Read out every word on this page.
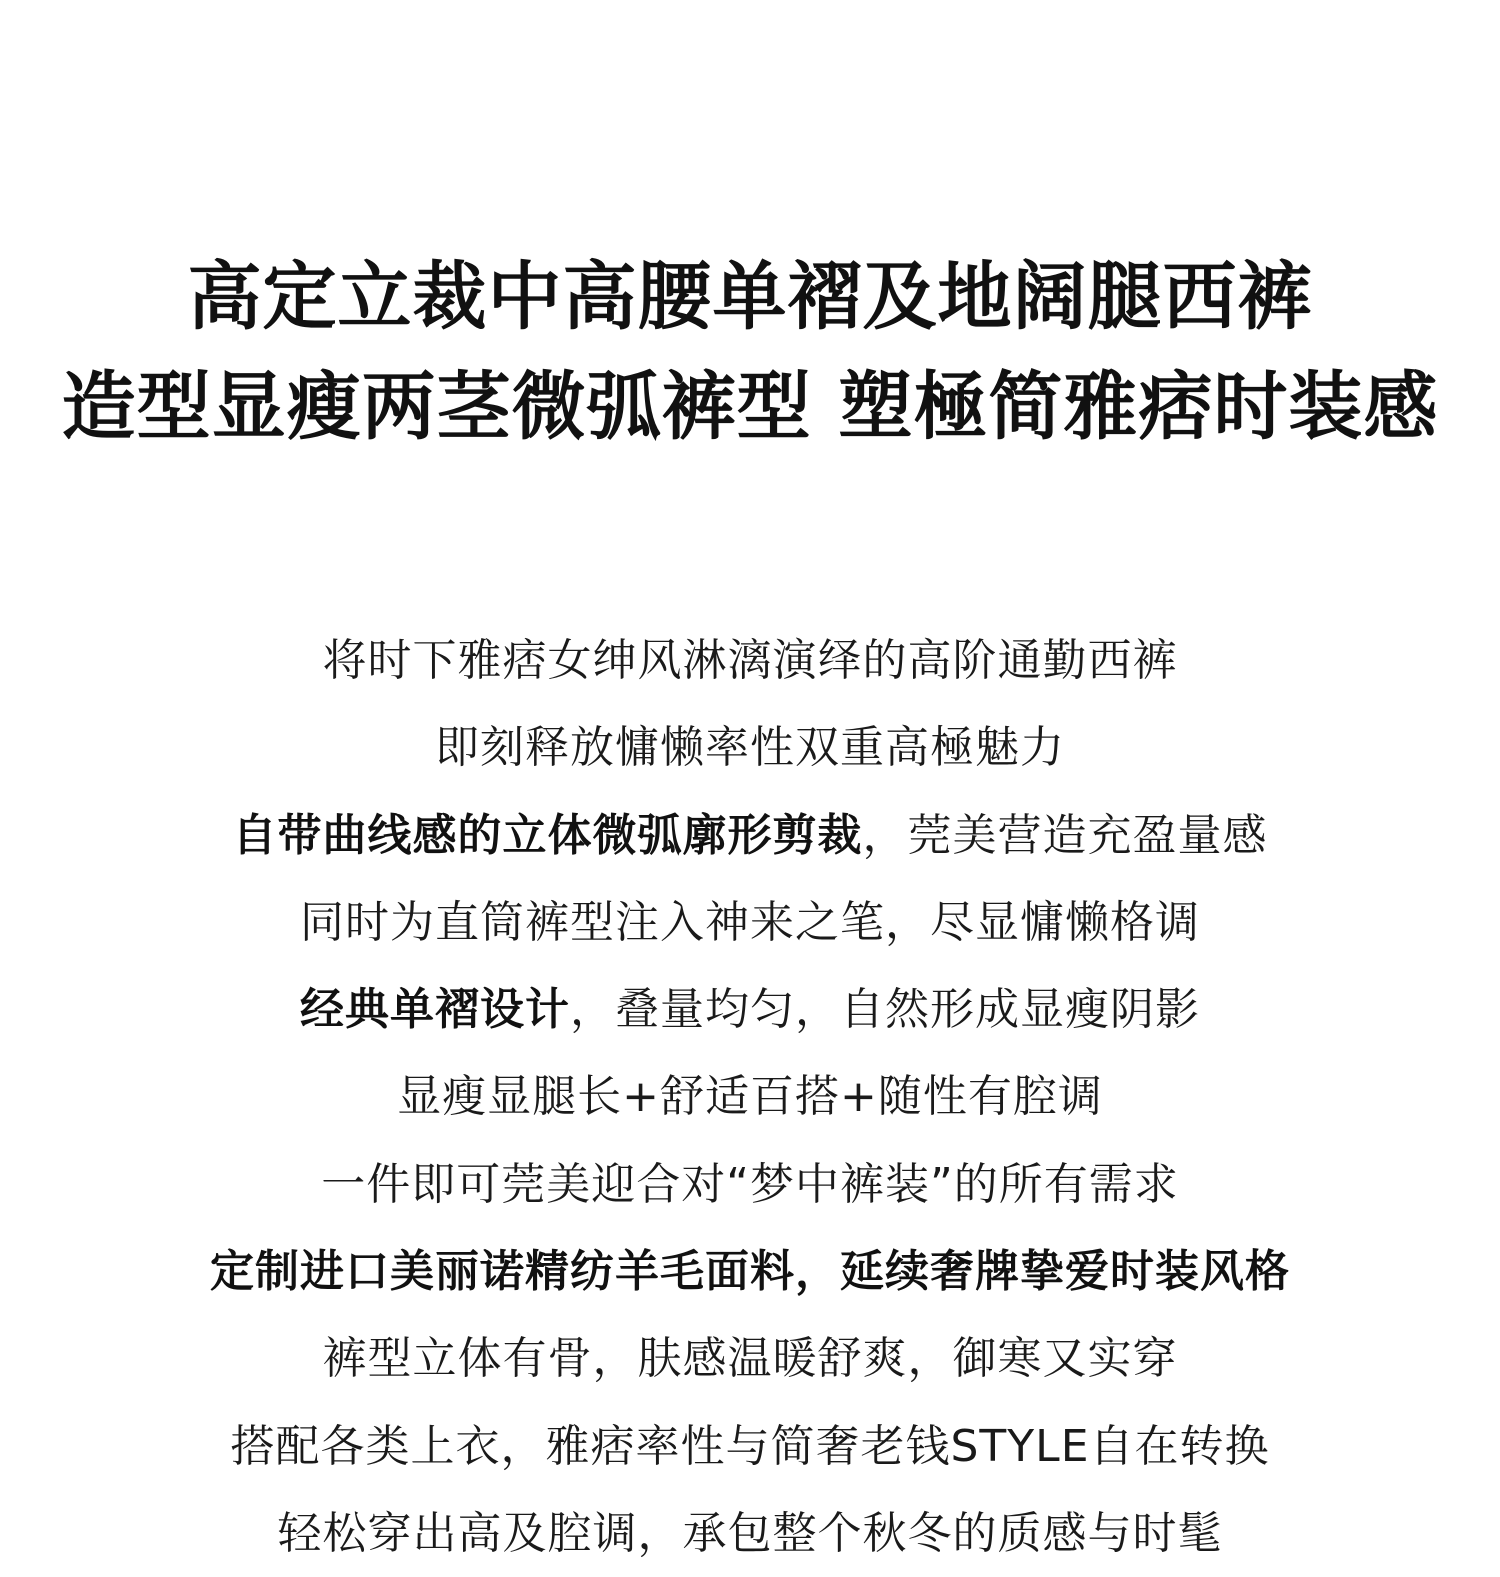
高定立裁中高腰单褶及地阔腿西裤
造型显瘦两茎微弧裤型 塑極简雅痞时装感
将时下雅痞女绅风淋漓演绎的高阶通勤西裤
即刻释放慵懒率性双重高極魅力
自带曲线感的立体微弧廓形剪裁，莞美营造充盈量感
同时为直筒裤型注入神来之笔，尽显慵懒格调
经典单褶设计，叠量均匀，自然形成显瘦阴影
显瘦显腿长+舒适百搭+随性有腔调
一件即可莞美迎合对“梦中裤装”的所有需求
定制进口美丽诺精纺羊毛面料，延续奢牌挚爱时装风格
裤型立体有骨，肤感温暖舒爽，御寒又实穿
搭配各类上衣，雅痞率性与简奢老钱STYLE自在转换
轻松穿出高及腔调，承包整个秋冬的质感与时髦
